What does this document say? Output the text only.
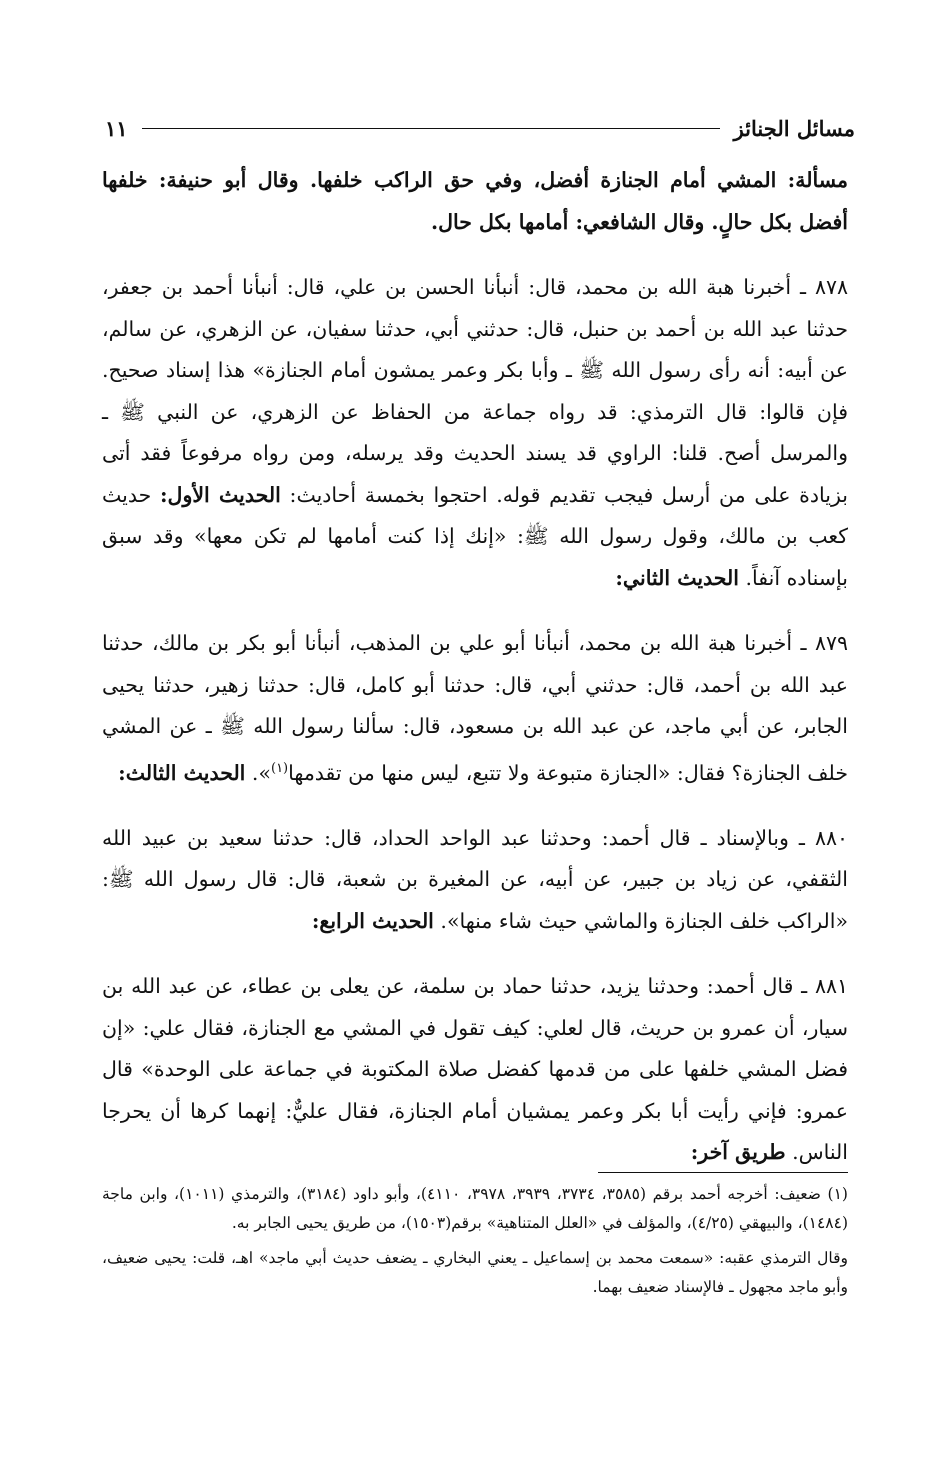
مسائل الجنائز
١١

مسألة: المشي أمام الجنازة أفضل، وفي حق الراكب خلفها. وقال أبو حنيفة: خلفها أفضل بكل حالٍ. وقال الشافعي: أمامها بكل حال.

٨٧٨ ـ أخبرنا هبة الله بن محمد، قال: أنبأنا الحسن بن علي، قال: أنبأنا أحمد بن جعفر، حدثنا عبد الله بن أحمد بن حنبل، قال: حدثني أبي، حدثنا سفيان، عن الزهري، عن سالم، عن أبيه: أنه رأى رسول الله ﷺ ـ وأبا بكر وعمر يمشون أمام الجنازة» هذا إسناد صحيح. فإن قالوا: قال الترمذي: قد رواه جماعة من الحفاظ عن الزهري، عن النبي ﷺ ـ والمرسل أصح. قلنا: الراوي قد يسند الحديث وقد يرسله، ومن رواه مرفوعاً فقد أتى بزيادة على من أرسل فيجب تقديم قوله. احتجوا بخمسة أحاديث: الحديث الأول: حديث كعب بن مالك، وقول رسول الله ﷺ: «إنك إذا كنت أمامها لم تكن معها» وقد سبق بإسناده آنفاً. الحديث الثاني:

٨٧٩ ـ أخبرنا هبة الله بن محمد، أنبأنا أبو علي بن المذهب، أنبأنا أبو بكر بن مالك، حدثنا عبد الله بن أحمد، قال: حدثني أبي، قال: حدثنا أبو كامل، قال: حدثنا زهير، حدثنا يحيى الجابر، عن أبي ماجد، عن عبد الله بن مسعود، قال: سألنا رسول الله ﷺ ـ عن المشي خلف الجنازة؟ فقال: «الجنازة متبوعة ولا تتبع، ليس منها من تقدمها$^{(١)}$». الحديث الثالث:

٨٨٠ ـ وبالإسناد ـ قال أحمد: وحدثنا عبد الواحد الحداد، قال: حدثنا سعيد بن عبيد الله الثقفي، عن زياد بن جبير، عن أبيه، عن المغيرة بن شعبة، قال: قال رسول الله ﷺ: «الراكب خلف الجنازة والماشي حيث شاء منها». الحديث الرابع:

٨٨١ ـ قال أحمد: وحدثنا يزيد، حدثنا حماد بن سلمة، عن يعلى بن عطاء، عن عبد الله بن سيار، أن عمرو بن حريث، قال لعلي: كيف تقول في المشي مع الجنازة، فقال علي: «إن فضل المشي خلفها على من قدمها كفضل صلاة المكتوبة في جماعة على الوحدة» قال عمرو: فإني رأيت أبا بكر وعمر يمشيان أمام الجنازة، فقال عليٌّ: إنهما كرها أن يحرجا الناس. طريق آخر:

(١) ضعيف: أخرجه أحمد برقم (٣٥٨٥، ٣٧٣٤، ٣٩٣٩، ٣٩٧٨، ٤١١٠)، وأبو داود (٣١٨٤)، والترمذي (١٠١١)، وابن ماجة (١٤٨٤)، والبيهقي (٤/٢٥)، والمؤلف في «العلل المتناهية» برقم(١٥٠٣)، من طريق يحيى الجابر به.

وقال الترمذي عقبه: «سمعت محمد بن إسماعيل ـ يعني البخاري ـ يضعف حديث أبي ماجد» اهـ، قلت: يحيى ضعيف، وأبو ماجد مجهول ـ فالإسناد ضعيف بهما.
